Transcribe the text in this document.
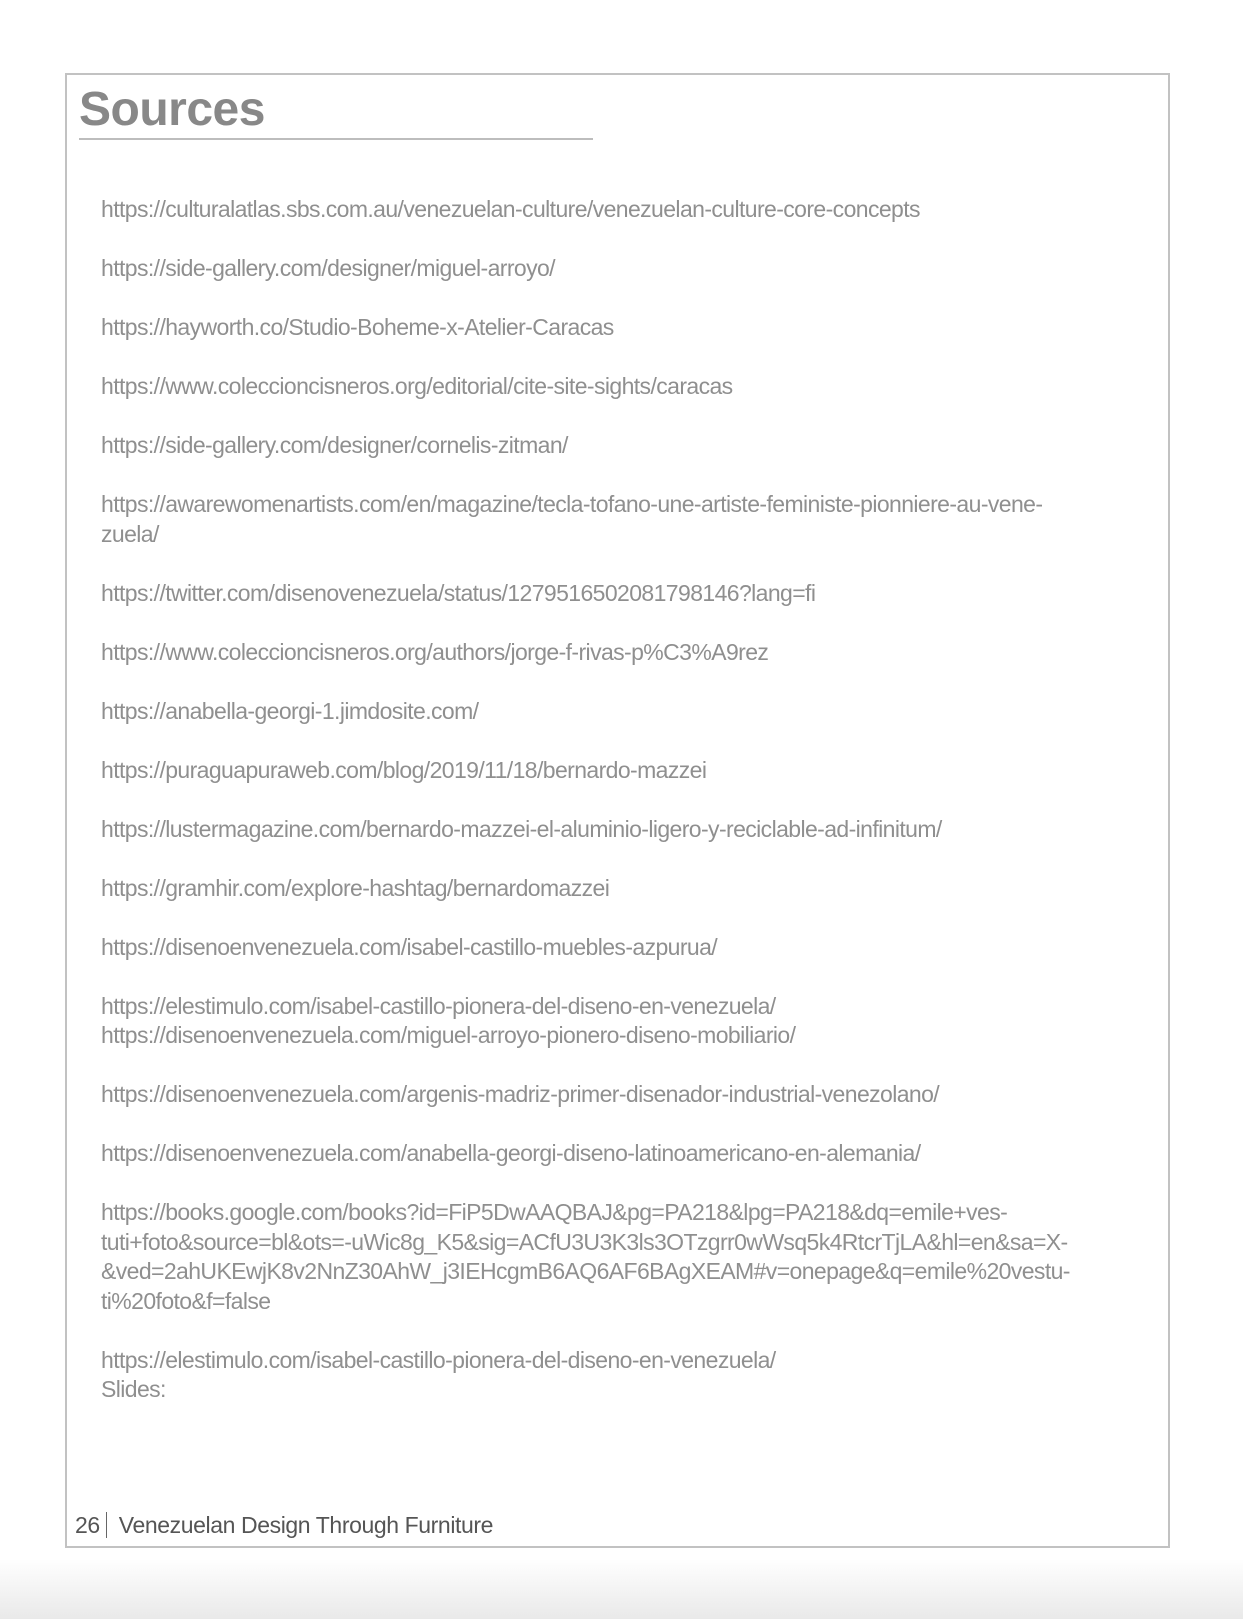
Sources
https://culturalatlas.sbs.com.au/venezuelan-culture/venezuelan-culture-core-concepts
https://side-gallery.com/designer/miguel-arroyo/
https://hayworth.co/Studio-Boheme-x-Atelier-Caracas
https://www.coleccioncisneros.org/editorial/cite-site-sights/caracas
https://side-gallery.com/designer/cornelis-zitman/
https://awarewomenartists.com/en/magazine/tecla-tofano-une-artiste-feministe-pionniere-au-vene-
zuela/
https://twitter.com/disenovenezuela/status/1279516502081798146?lang=fi
https://www.coleccioncisneros.org/authors/jorge-f-rivas-p%C3%A9rez
https://anabella-georgi-1.jimdosite.com/
https://puraguapuraweb.com/blog/2019/11/18/bernardo-mazzei
https://lustermagazine.com/bernardo-mazzei-el-aluminio-ligero-y-reciclable-ad-infinitum/
https://gramhir.com/explore-hashtag/bernardomazzei
https://disenoenvenezuela.com/isabel-castillo-muebles-azpurua/
https://elestimulo.com/isabel-castillo-pionera-del-diseno-en-venezuela/
https://disenoenvenezuela.com/miguel-arroyo-pionero-diseno-mobiliario/
https://disenoenvenezuela.com/argenis-madriz-primer-disenador-industrial-venezolano/
https://disenoenvenezuela.com/anabella-georgi-diseno-latinoamericano-en-alemania/
https://books.google.com/books?id=FiP5DwAAQBAJ&pg=PA218&lpg=PA218&dq=emile+ves-
tuti+foto&source=bl&ots=-uWic8g_K5&sig=ACfU3U3K3ls3OTzgrr0wWsq5k4RtcrTjLA&hl=en&sa=X-
&ved=2ahUKEwjK8v2NnZ30AhW_j3IEHcgmB6AQ6AF6BAgXEAM#v=onepage&q=emile%20vestu-
ti%20foto&f=false
https://elestimulo.com/isabel-castillo-pionera-del-diseno-en-venezuela/
Slides:
26 Venezuelan Design Through Furniture
